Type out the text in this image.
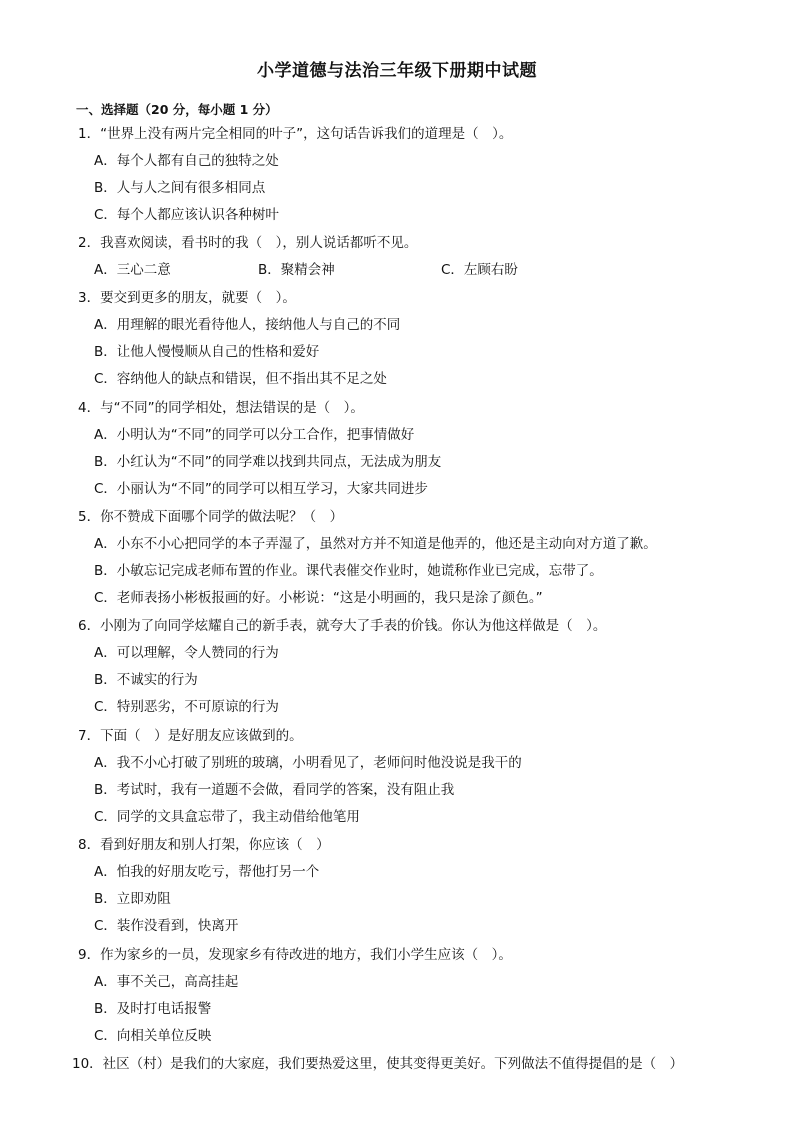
小学道德与法治三年级下册期中试题
一、选择题（20 分，每小题 1 分）
1．“世界上没有两片完全相同的叶子”，这句话告诉我们的道理是（　）。
A．每个人都有自己的独特之处
B．人与人之间有很多相同点
C．每个人都应该认识各种树叶
2．我喜欢阅读，看书时的我（　），别人说话都听不见。
A．三心二意	B．聚精会神	C．左顾右盼
3．要交到更多的朋友，就要（　）。
A．用理解的眼光看待他人，接纳他人与自己的不同
B．让他人慢慢顺从自己的性格和爱好
C．容纳他人的缺点和错误，但不指出其不足之处
4．与“不同”的同学相处，想法错误的是（　）。
A．小明认为“不同”的同学可以分工合作，把事情做好
B．小红认为“不同”的同学难以找到共同点，无法成为朋友
C．小丽认为“不同”的同学可以相互学习，大家共同进步
5．你不赞成下面哪个同学的做法呢？（　）
A．小东不小心把同学的本子弄湿了，虽然对方并不知道是他弄的，他还是主动向对方道了歉。
B．小敏忘记完成老师布置的作业。课代表催交作业时，她谎称作业已完成，忘带了。
C．老师表扬小彬板报画的好。小彬说：“这是小明画的，我只是涂了颜色。”
6．小刚为了向同学炫耀自己的新手表，就夸大了手表的价钱。你认为他这样做是（　）。
A．可以理解，令人赞同的行为
B．不诚实的行为
C．特别恶劣，不可原谅的行为
7．下面（　）是好朋友应该做到的。
A．我不小心打破了别班的玻璃，小明看见了，老师问时他没说是我干的
B．考试时，我有一道题不会做，看同学的答案，没有阻止我
C．同学的文具盒忘带了，我主动借给他笔用
8．看到好朋友和别人打架，你应该（　）
A．怕我的好朋友吃亏，帮他打另一个
B．立即劝阻
C．装作没看到，快离开
9．作为家乡的一员，发现家乡有待改进的地方，我们小学生应该（　）。
A．事不关己，高高挂起
B．及时打电话报警
C．向相关单位反映
10．社区（村）是我们的大家庭，我们要热爱这里，使其变得更美好。下列做法不值得提倡的是（　）
